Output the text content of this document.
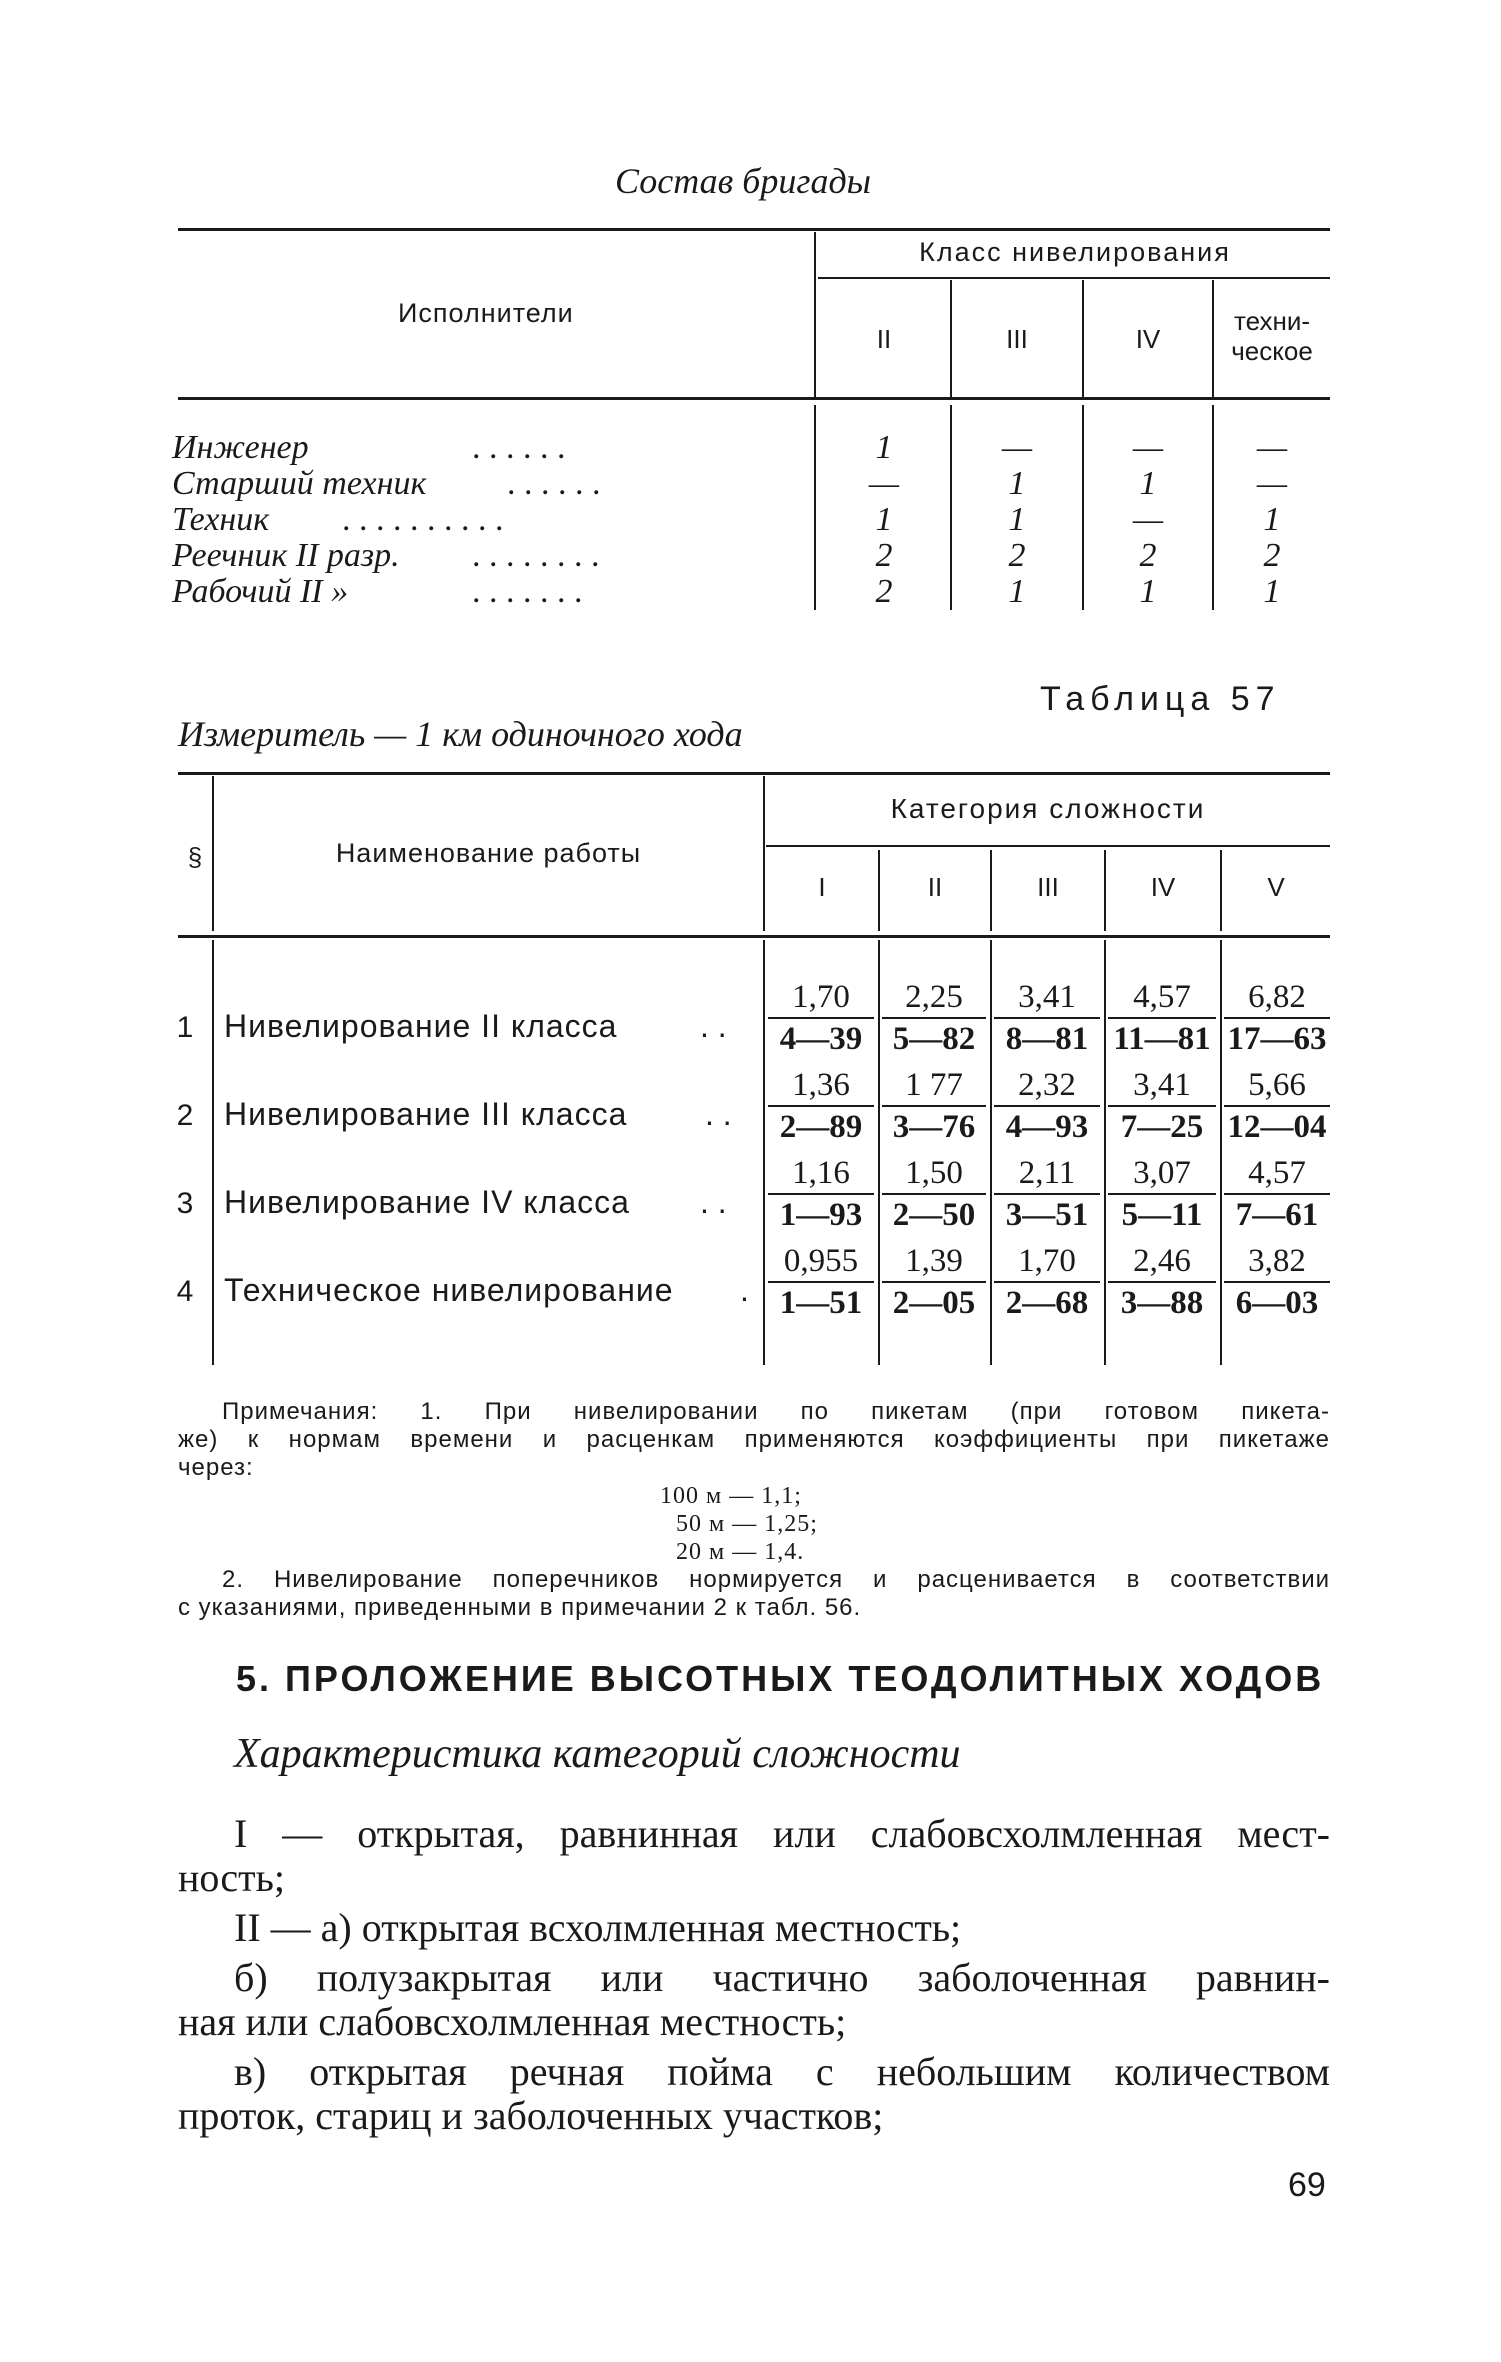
Состав бригады
Исполнители
Класс нивелирования
II	III	IV
техни-
ческое
Инженер	. . . . . .	1	—	—	—
Старший техник . . . . . .	—	1	1	—
Техник . . . . . . . . . .	1	1	—	1
Реечник II разр. . . . . . . . .	2	2	2	2
Рабочий II »	. . . . . . .	2	1	1	1
Таблица 57
Измеритель — 1 км одиночного хода
§	Наименование работы
Категория сложности
I	II	III	IV	V
1 Нивелирование II класса	. . $\frac{1,70}{4—39} \frac{2,25}{5—82} \frac{3,41}{8—81} \frac{4,57}{11—81} \frac{6,82}{17—63}$
2 Нивелирование III класса . . $\frac{1,36}{2—89} \frac{1 77}{3—76} \frac{2,32}{4—93} \frac{3,41}{7—25} \frac{5,66}{12—04}$
3 Нивелирование IV класса . . $\frac{1,16}{1—93} \frac{1,50}{2—50} \frac{2,11}{3—51} \frac{3,07}{5—11} \frac{4,57}{7—61}$
4 Техническое нивелирование . $\frac{0,955}{1—51} \frac{1,39}{2—05} \frac{1,70}{2—68} \frac{2,46}{3—88} \frac{3,82}{6—03}$
Примечания: 1. При нивелировании по пикетам (при готовом пикета-
же) к нормам времени и расценкам применяются коэффициенты при пикетаже
через:
100 м — 1,1;
50 м — 1,25;
20 м — 1,4.
2. Нивелирование поперечников нормируется и расценивается в соответствии
с указаниями, приведенными в примечании 2 к табл. 56.
5. ПРОЛОЖЕНИЕ ВЫСОТНЫХ ТЕОДОЛИТНЫХ ХОДОВ
Характеристика категорий сложности
I — открытая, равнинная или слабовсхолмленная мест-
ность;
II — а) открытая всхолмленная местность;
б) полузакрытая или частично заболоченная равнин-
ная или слабовсхолмленная местность;
в) открытая речная пойма с небольшим количеством
проток, стариц и заболоченных участков;
69
